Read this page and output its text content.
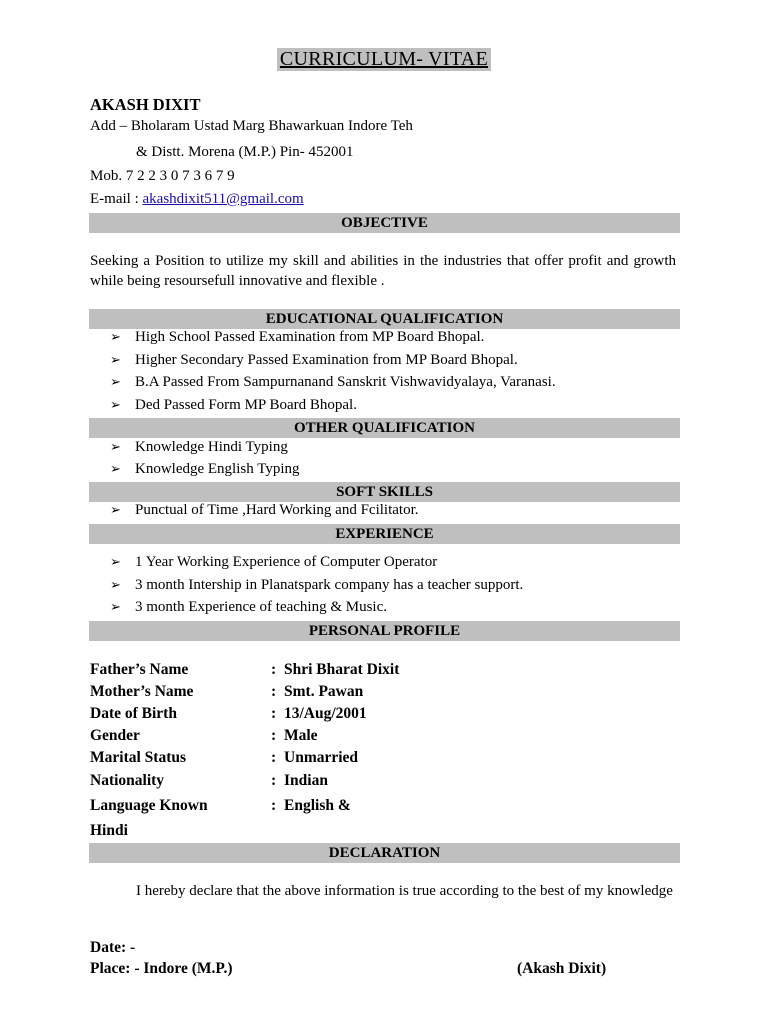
CURRICULUM- VITAE
AKASH DIXIT
Add – Bholaram Ustad Marg Bhawarkuan Indore Teh
& Distt. Morena (M.P.) Pin- 452001
Mob. 7 2 2 3 0 7 3 6 7 9
E-mail : akashdixit511@gmail.com
OBJECTIVE
Seeking a Position to utilize my skill and abilities in the industries that offer profit and growth while being resoursefull innovative and flexible .
EDUCATIONAL QUALIFICATION
➢ High School Passed Examination from MP Board Bhopal.
➢ Higher Secondary Passed Examination from MP Board Bhopal.
➢ B.A Passed From Sampurnanand Sanskrit Vishwavidyalaya, Varanasi.
➢ Ded Passed Form MP Board Bhopal.
OTHER QUALIFICATION
➢ Knowledge Hindi Typing
➢ Knowledge English Typing
SOFT SKILLS
➢ Punctual of Time ,Hard Working and Fcilitator.
EXPERIENCE
➢ 1 Year Working Experience of Computer Operator
➢ 3 month Intership in Planatspark company has a teacher support.
➢ 3 month Experience of teaching & Music.
PERSONAL PROFILE
Father’s Name	: Shri Bharat Dixit
Mother’s Name	: Smt. Pawan
Date of Birth	: 13/Aug/2001
Gender	: Male
Marital Status	: Unmarried
Nationality	: Indian
Language Known	: English &
Hindi
DECLARATION
I hereby declare that the above information is true according to the best of my knowledge
Date: -
Place: - Indore (M.P.)	(Akash Dixit)
